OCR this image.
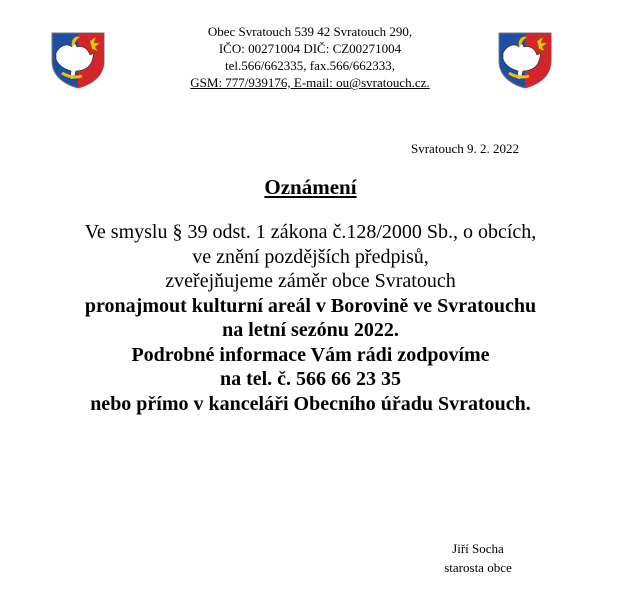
Obec Svratouch 539 42 Svratouch 290,
IČO: 00271004 DIČ: CZ00271004
tel.566/662335, fax.566/662333,
GSM: 777/939176, E-mail: ou@svratouch.cz.
Svratouch 9. 2. 2022
Oznámení
Ve smyslu § 39 odst. 1 zákona č.128/2000 Sb., o obcích,
ve znění pozdějších předpisů,
zveřejňujeme záměr obce Svratouch
pronajmout kulturní areál v Borovině ve Svratouchu
na letní sezónu 2022.
Podrobné informace Vám rádi zodpovíme
na tel. č. 566 66 23 35
nebo přímo v kanceláři Obecního úřadu Svratouch.
Jiří Socha
starosta obce
